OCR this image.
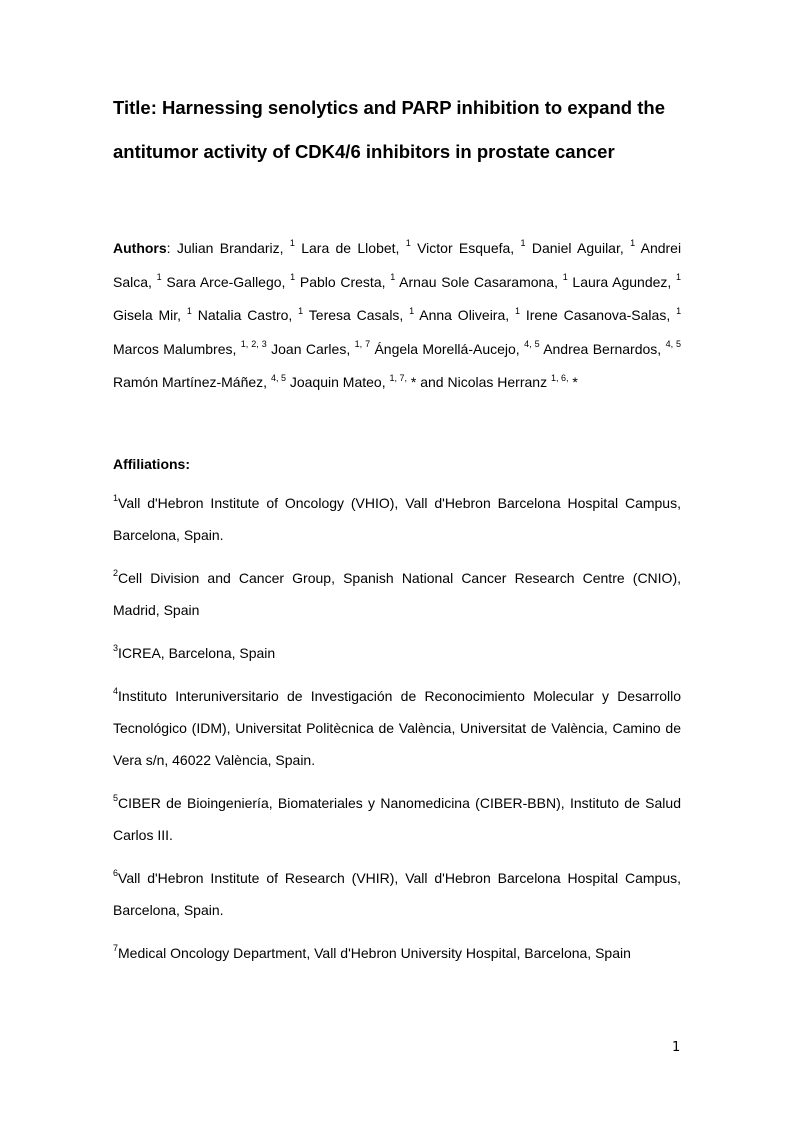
Title: Harnessing senolytics and PARP inhibition to expand the antitumor activity of CDK4/6 inhibitors in prostate cancer
Authors: Julian Brandariz, $^1$ Lara de Llobet, $^1$ Victor Esquefa, $^1$ Daniel Aguilar, $^1$ Andrei Salca, $^1$ Sara Arce-Gallego, $^1$ Pablo Cresta, $^1$ Arnau Sole Casaramona, $^1$ Laura Agundez, $^1$ Gisela Mir, $^1$ Natalia Castro, $^1$ Teresa Casals, $^1$ Anna Oliveira, $^1$ Irene Casanova-Salas, $^1$ Marcos Malumbres, $^{1, 2, 3}$ Joan Carles, $^{1, 7}$ Ángela Morellá-Aucejo, $^{4, 5}$ Andrea Bernardos, $^{4, 5}$ Ramón Martínez-Máñez, $^{4, 5}$ Joaquin Mateo, $^{1, 7,}$ * and Nicolas Herranz $^{1, 6,}$ *
Affiliations:
$^1$Vall d'Hebron Institute of Oncology (VHIO), Vall d'Hebron Barcelona Hospital Campus, Barcelona, Spain.
$^2$Cell Division and Cancer Group, Spanish National Cancer Research Centre (CNIO), Madrid, Spain
$^3$ICREA, Barcelona, Spain
$^4$Instituto Interuniversitario de Investigación de Reconocimiento Molecular y Desarrollo Tecnológico (IDM), Universitat Politècnica de València, Universitat de València, Camino de Vera s/n, 46022 València, Spain.
$^5$CIBER de Bioingeniería, Biomateriales y Nanomedicina (CIBER-BBN), Instituto de Salud Carlos III.
$^6$Vall d'Hebron Institute of Research (VHIR), Vall d'Hebron Barcelona Hospital Campus, Barcelona, Spain.
$^7$Medical Oncology Department, Vall d'Hebron University Hospital, Barcelona, Spain
1
